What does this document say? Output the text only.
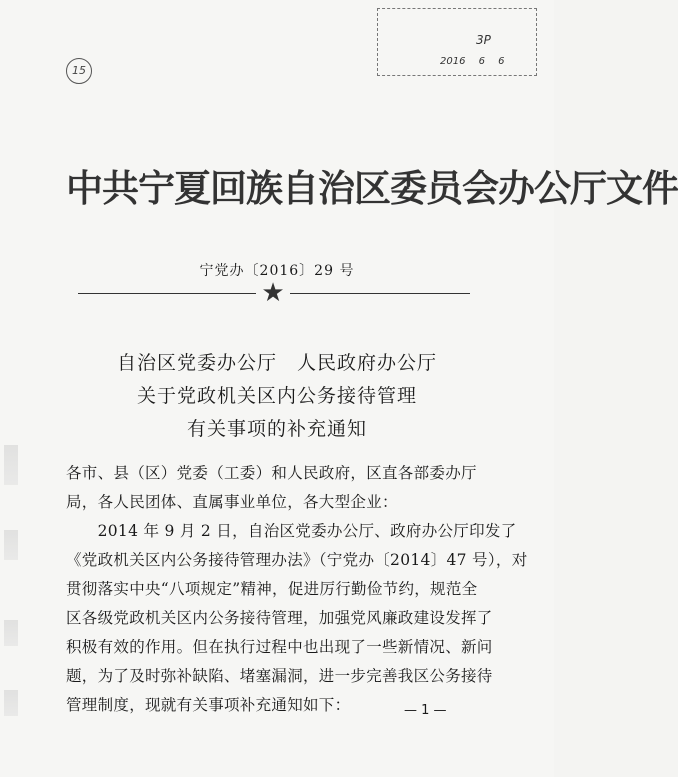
3P
2016 6 6
15
中共宁夏回族自治区委员会办公厅文件
宁党办〔2016〕29 号
★
自治区党委办公厅　人民政府办公厅
关于党政机关区内公务接待管理
有关事项的补充通知
各市、县（区）党委（工委）和人民政府，区直各部委办厅
局，各人民团体、直属事业单位，各大型企业：
　　2014 年 9 月 2 日，自治区党委办公厅、政府办公厅印发了
《党政机关区内公务接待管理办法》（宁党办〔2014〕47 号），对
贯彻落实中央“八项规定”精神，促进厉行勤俭节约，规范全
区各级党政机关区内公务接待管理，加强党风廉政建设发挥了
积极有效的作用。但在执行过程中也出现了一些新情况、新问
题，为了及时弥补缺陷、堵塞漏洞，进一步完善我区公务接待
管理制度，现就有关事项补充通知如下：	— 1 —
